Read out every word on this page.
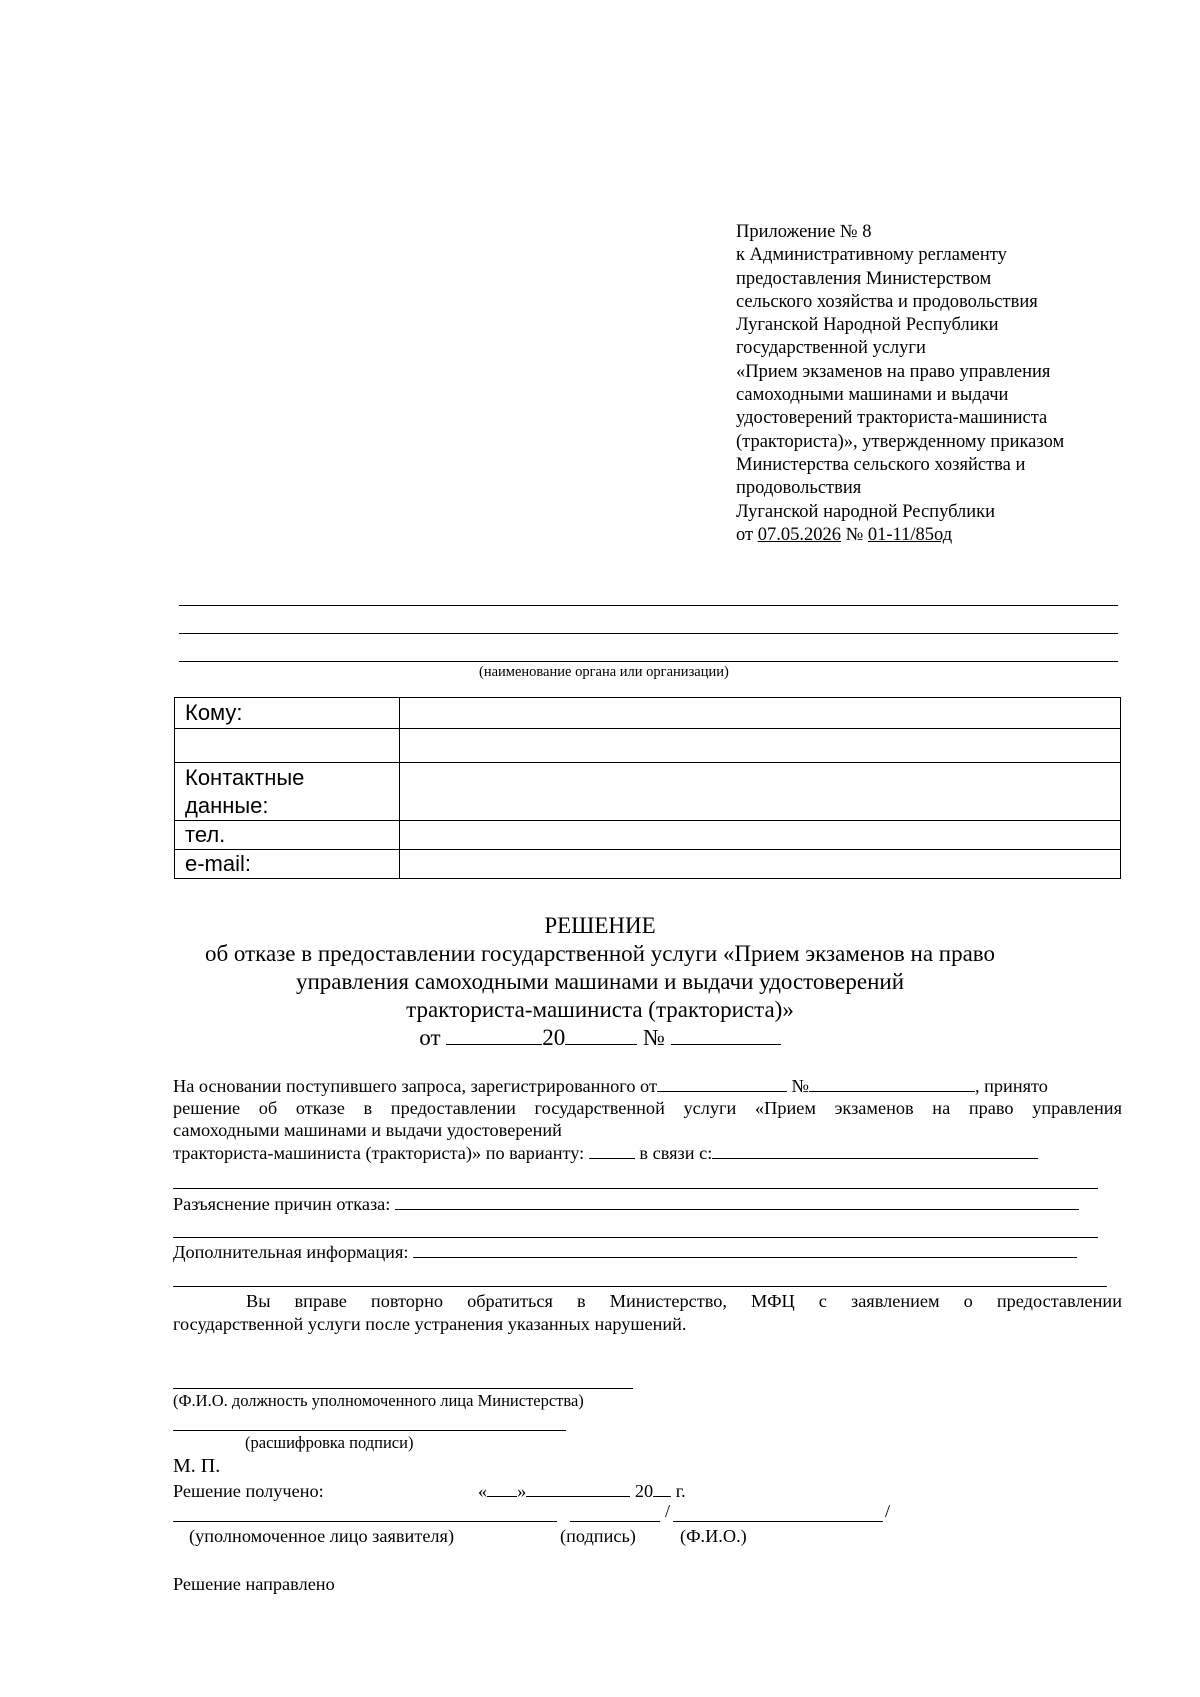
Приложение № 8
к Административному регламенту
предоставления Министерством
сельского хозяйства и продовольствия
Луганской Народной Республики
государственной услуги
«Прием экзаменов на право управления
самоходными машинами и выдачи
удостоверений тракториста-машиниста
(тракториста)», утвержденному приказом
Министерства сельского хозяйства и
продовольствия
Луганской народной Республики
от 07.05.2026 № 01-11/85од
(наименование органа или организации)
Кому:	

Контактные
данные:	
тел.	
e-mail:	
РЕШЕНИЕ
об отказе в предоставлении государственной услуги «Прием экзаменов на право
управления самоходными машинами и выдачи удостоверений
тракториста-машиниста (тракториста)»
от	20	№
На основании поступившего запроса, зарегистрированного от	№	, принято
решение об отказе в предоставлении государственной услуги «Прием экзаменов на право управления
самоходными машинами и выдачи удостоверений
тракториста-машиниста (тракториста)» по варианту:	в связи с:
Разъяснение причин отказа:
Дополнительная информация:
Вы вправе повторно обратиться в Министерство, МФЦ с заявлением о предоставлении
государственной услуги после устранения указанных нарушений.
(Ф.И.О. должность уполномоченного лица Министерства)
(расшифровка подписи)
М. П.
Решение получено:	« »	20 г.
/	/
(уполномоченное лицо заявителя)	(подпись) (Ф.И.О.)
Решение направлено
